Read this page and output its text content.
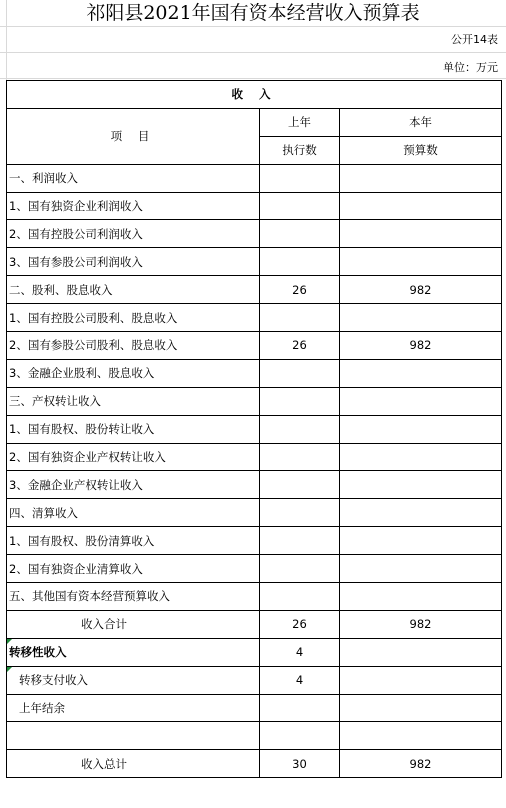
祁阳县2021年国有资本经营收入预算表
公开14表
单位：万元
收 入		
项 目	上年	本年
	执行数	预算数
一、利润收入		
1、国有独资企业利润收入		
2、国有控股公司利润收入		
3、国有参股公司利润收入		
二、股利、股息收入	26	982
1、国有控股公司股利、股息收入		
2、国有参股公司股利、股息收入	26	982
3、金融企业股利、股息收入		
三、产权转让收入		
1、国有股权、股份转让收入		
2、国有独资企业产权转让收入		
3、金融企业产权转让收入		
四、清算收入		
1、国有股权、股份清算收入		
2、国有独资企业清算收入		
五、其他国有资本经营预算收入		
收入合计	26	982

转移性收入	4	

转移支付收入	4	
上年结余		

收入总计	30	982
